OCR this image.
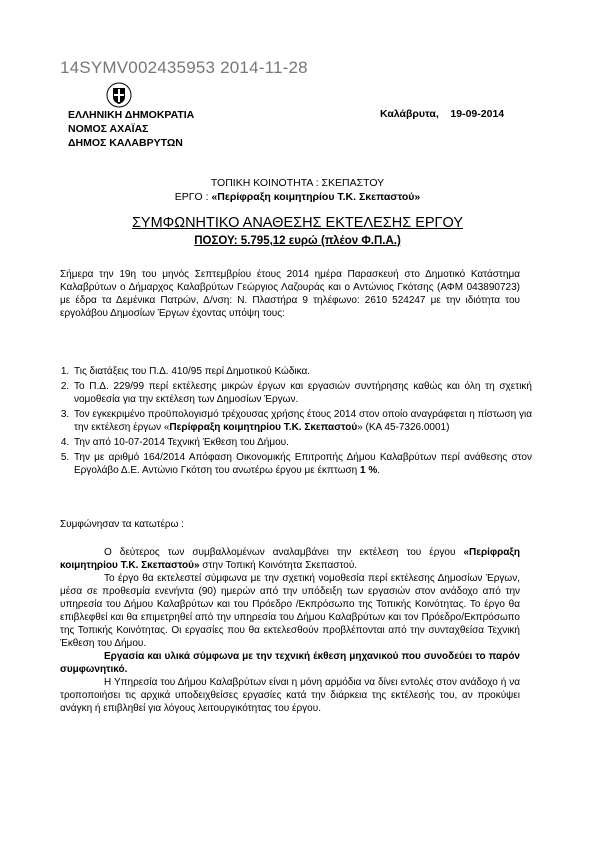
14SYMV002435953 2014-11-28
ΕΛΛΗΝΙΚΗ ΔΗΜΟΚΡΑΤΙΑ
ΝΟΜΟΣ ΑΧΑΪΑΣ
ΔΗΜΟΣ ΚΑΛΑΒΡΥΤΩΝ
Καλάβρυτα,    19-09-2014
ΤΟΠΙΚΗ ΚΟΙΝΟΤΗΤΑ : ΣΚΕΠΑΣΤΟΥ
ΕΡΓΟ : «Περίφραξη κοιμητηρίου Τ.Κ. Σκεπαστού»
ΣΥΜΦΩΝΗΤΙΚΟ ΑΝΑΘΕΣΗΣ ΕΚΤΕΛΕΣΗΣ ΕΡΓΟΥ
ΠΟΣΟΥ: 5.795,12 ευρώ (πλέον Φ.Π.Α.)
Σήμερα την 19η του μηνός Σεπτεμβρίου έτους 2014 ημέρα Παρασκευή στο Δημοτικό Κατάστημα Καλαβρύτων ο Δήμαρχος Καλαβρύτων Γεώργιος Λαζουράς και ο Αντώνιος Γκότσης (ΑΦΜ 043890723) με έδρα τα Δεμένικα Πατρών, Δ/νση: Ν. Πλαστήρα 9 τηλέφωνο: 2610 524247 με την ιδιότητα του εργολάβου Δημοσίων Έργων έχοντας υπόψη τους:
1. Τις διατάξεις του Π.Δ. 410/95 περί Δημοτικού Κώδικα.
2. Το Π.Δ. 229/99 περί εκτέλεσης μικρών έργων και εργασιών συντήρησης καθώς και όλη τη σχετική νομοθεσία για την εκτέλεση των Δημοσίων Έργων.
3. Τον εγκεκριμένο προϋπολογισμό τρέχουσας χρήσης έτους 2014 στον οποίο αναγράφεται η πίστωση για την εκτέλεση έργων «Περίφραξη κοιμητηρίου Τ.Κ. Σκεπαστού» (ΚΑ 45-7326.0001)
4. Την από 10-07-2014 Τεχνική Έκθεση του Δήμου.
5. Την με αριθμό 164/2014 Απόφαση Οικονομικής Επιτροπής Δήμου Καλαβρύτων περί ανάθεσης στον Εργολάβο Δ.Ε. Αντώνιο Γκότση του ανωτέρω έργου με έκπτωση 1 %.
Συμφώνησαν τα κατωτέρω :

Ο δεύτερος των συμβαλλομένων αναλαμβάνει την εκτέλεση του έργου «Περίφραξη κοιμητηρίου Τ.Κ. Σκεπαστού» στην Τοπική Κοινότητα Σκεπαστού.

Το έργο θα εκτελεστεί σύμφωνα με την σχετική νομοθεσία περί εκτέλεσης Δημοσίων Έργων, μέσα σε προθεσμία ενενήντα (90) ημερών από την υπόδειξη των εργασιών στον ανάδοχο από την υπηρεσία του Δήμου Καλαβρύτων και του Πρόεδρο /Εκπρόσωπο της Τοπικής Κοινότητας. Το έργο θα επιβλεφθεί και θα επιμετρηθεί από την υπηρεσία του Δήμου Καλαβρύτων και τον Πρόεδρο/Εκπρόσωπο της Τοπικής Κοινότητας. Οι εργασίες που θα εκτελεσθούν προβλέπονται από την συνταχθείσα Τεχνική Έκθεση του Δήμου.

Εργασία και υλικά σύμφωνα με την τεχνική έκθεση μηχανικού που συνοδεύει το παρόν συμφωνητικό.

Η Υπηρεσία του Δήμου Καλαβρύτων είναι η μόνη αρμόδια να δίνει εντολές στον ανάδοχο ή να τροποποιήσει τις αρχικά υποδειχθείσες εργασίες κατά την διάρκεια της εκτέλεσής του, αν προκύψει ανάγκη ή επιβληθεί για λόγους λειτουργικότητας του έργου.
